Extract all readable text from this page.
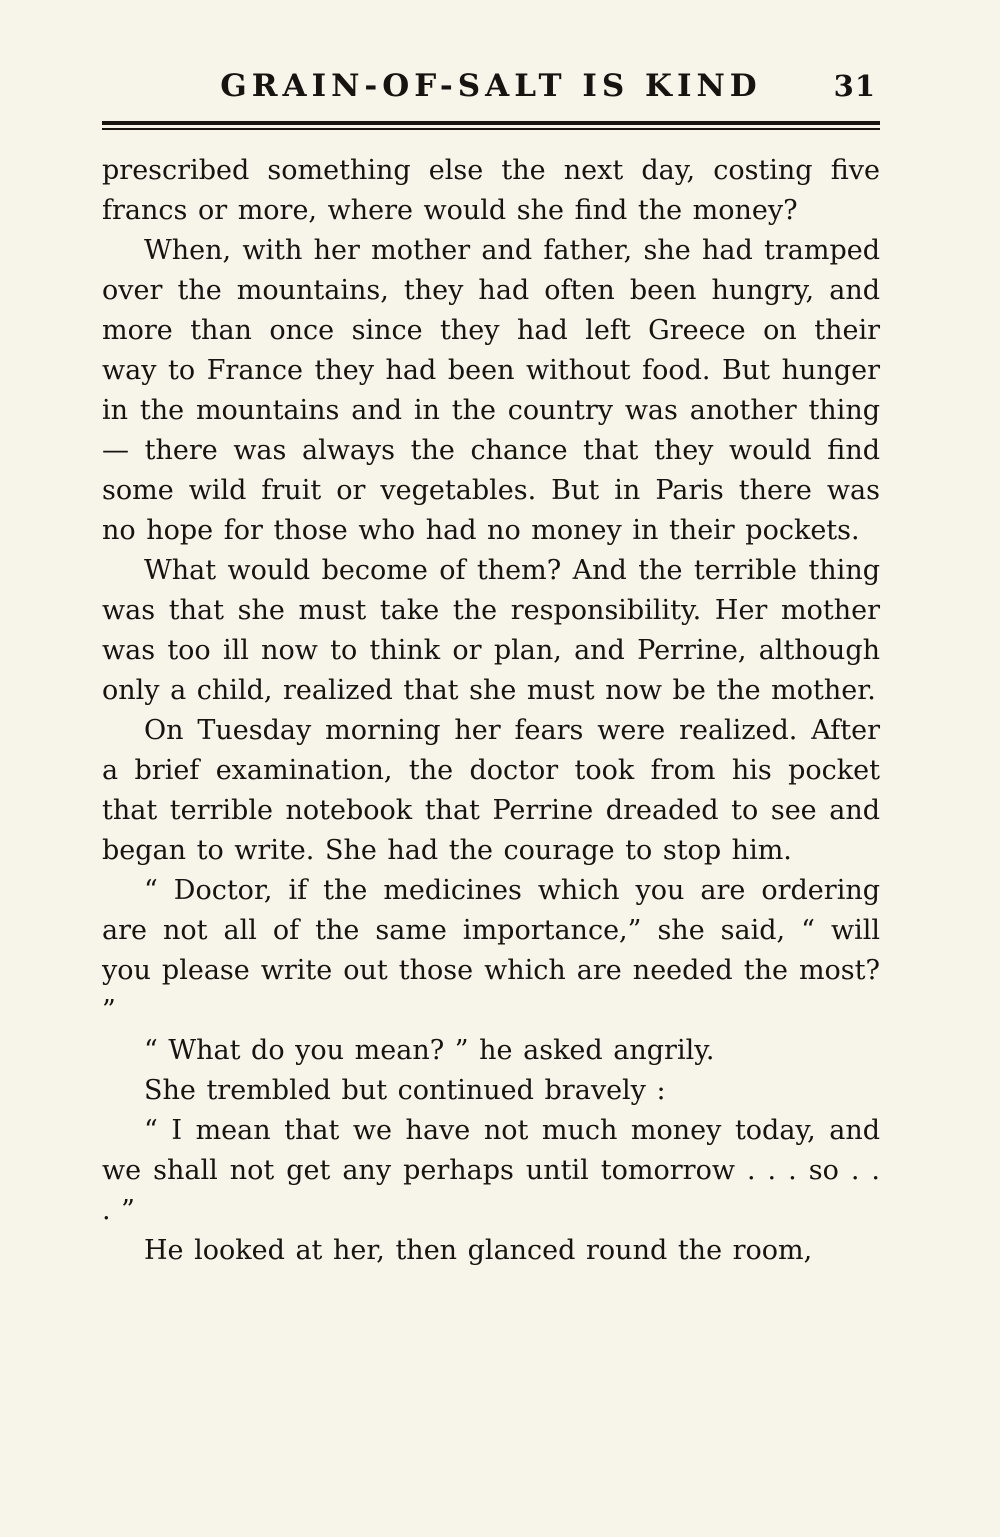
GRAIN-OF-SALT IS KIND	31

prescribed something else the next day, costing five francs or more, where would she find the money?

When, with her mother and father, she had tramped over the mountains, they had often been hungry, and more than once since they had left Greece on their way to France they had been without food. But hunger in the mountains and in the country was another thing — there was always the chance that they would find some wild fruit or vegetables. But in Paris there was no hope for those who had no money in their pockets.

What would become of them? And the terrible thing was that she must take the responsibility. Her mother was too ill now to think or plan, and Perrine, although only a child, realized that she must now be the mother.

On Tuesday morning her fears were realized. After a brief examination, the doctor took from his pocket that terrible notebook that Perrine dreaded to see and began to write. She had the courage to stop him.

“ Doctor, if the medicines which you are ordering are not all of the same importance,” she said, “ will you please write out those which are needed the most? ”

“ What do you mean? ” he asked angrily.

She trembled but continued bravely :

“ I mean that we have not much money today, and we shall not get any perhaps until tomorrow . . . so . . . ”

He looked at her, then glanced round the room,
